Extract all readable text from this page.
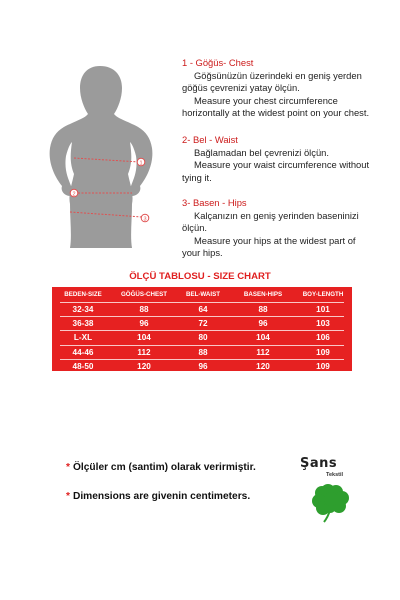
1
2
3
1 - Göğüs- Chest
Göğsünüzün üzerindeki en geniş yerden
göğüs çevrenizi yatay ölçün.
Measure your chest circumference
horizontally at the widest point on your chest.
2- Bel - Waist
Bağlamadan bel çevrenizi ölçün.
Measure your waist circumference without
tying it.
3- Basen - Hips
Kalçanızın en geniş yerinden baseninizi
ölçün.
Measure your hips at the widest part of
your hips.
ÖLÇÜ TABLOSU - SIZE CHART
BEDEN-SIZE	GÖĞÜS-CHEST	BEL-WAIST	BASEN-HIPS	BOY-LENGTH
32-34	88	64	88	101
36-38	96	72	96	103
L-XL	104	80	104	106
44-46	112	88	112	109
48-50	120	96	120	109
* Ölçüler cm (santim) olarak verirmiştir.
* Dimensions are givenin centimeters.
Şans
Tekstil
